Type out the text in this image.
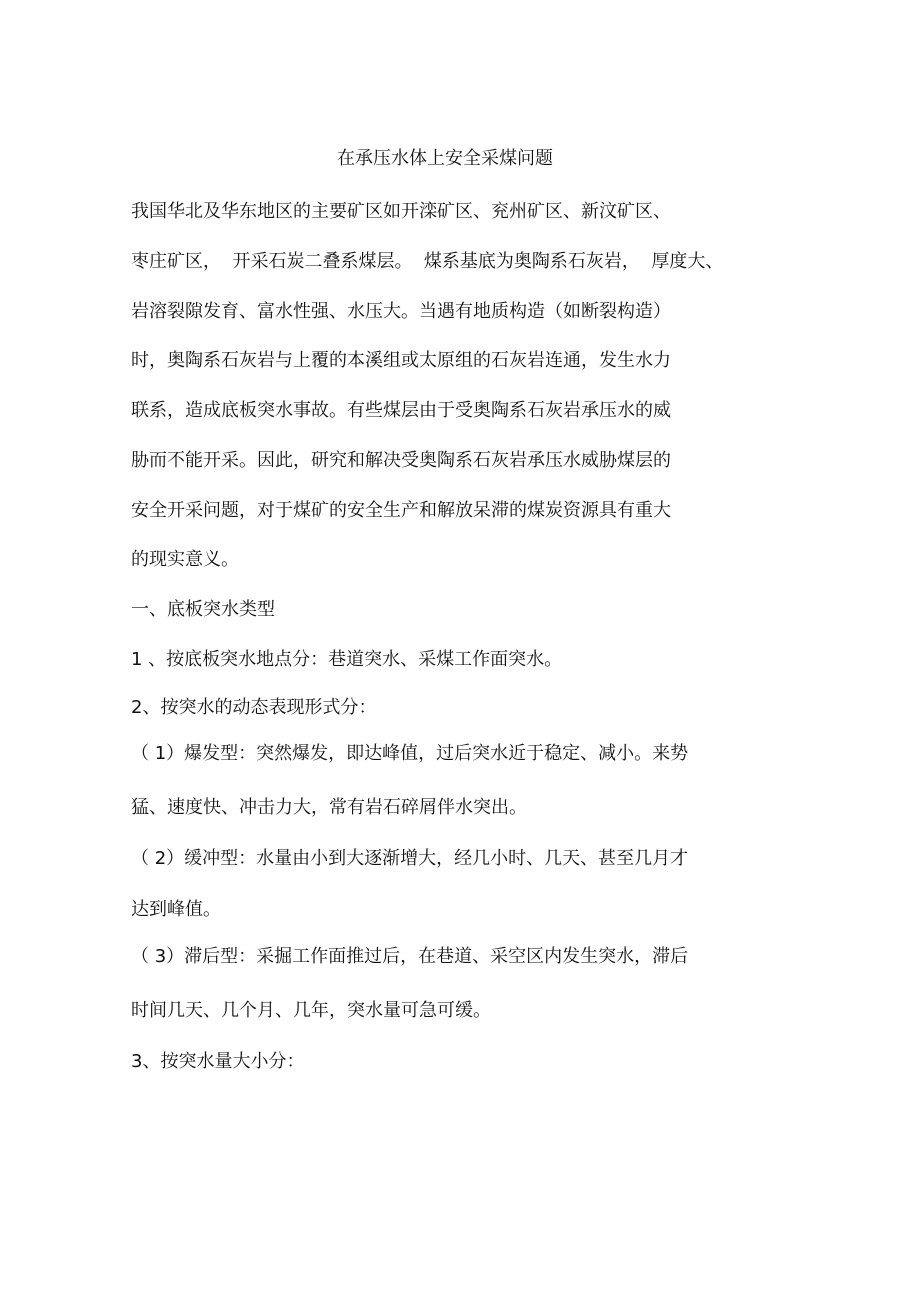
在承压水体上安全采煤问题

我国华北及华东地区的主要矿区如开滦矿区、兖州矿区、新汶矿区、

枣庄矿区，  开采石炭二叠系煤层。  煤系基底为奥陶系石灰岩，  厚度大、

岩溶裂隙发育、富水性强、水压大。当遇有地质构造（如断裂构造）

时，奥陶系石灰岩与上覆的本溪组或太原组的石灰岩连通，发生水力

联系，造成底板突水事故。有些煤层由于受奥陶系石灰岩承压水的威

胁而不能开采。因此，研究和解决受奥陶系石灰岩承压水威胁煤层的

安全开采问题，对于煤矿的安全生产和解放呆滞的煤炭资源具有重大

的现实意义。

一、底板突水类型

1 、按底板突水地点分：巷道突水、采煤工作面突水。

2、按突水的动态表现形式分：

（ 1）爆发型：突然爆发，即达峰值，过后突水近于稳定、减小。来势

猛、速度快、冲击力大，常有岩石碎屑伴水突出。

（ 2）缓冲型：水量由小到大逐渐增大，经几小时、几天、甚至几月才

达到峰值。

（ 3）滞后型：采掘工作面推过后，在巷道、采空区内发生突水，滞后

时间几天、几个月、几年，突水量可急可缓。

3、按突水量大小分：
